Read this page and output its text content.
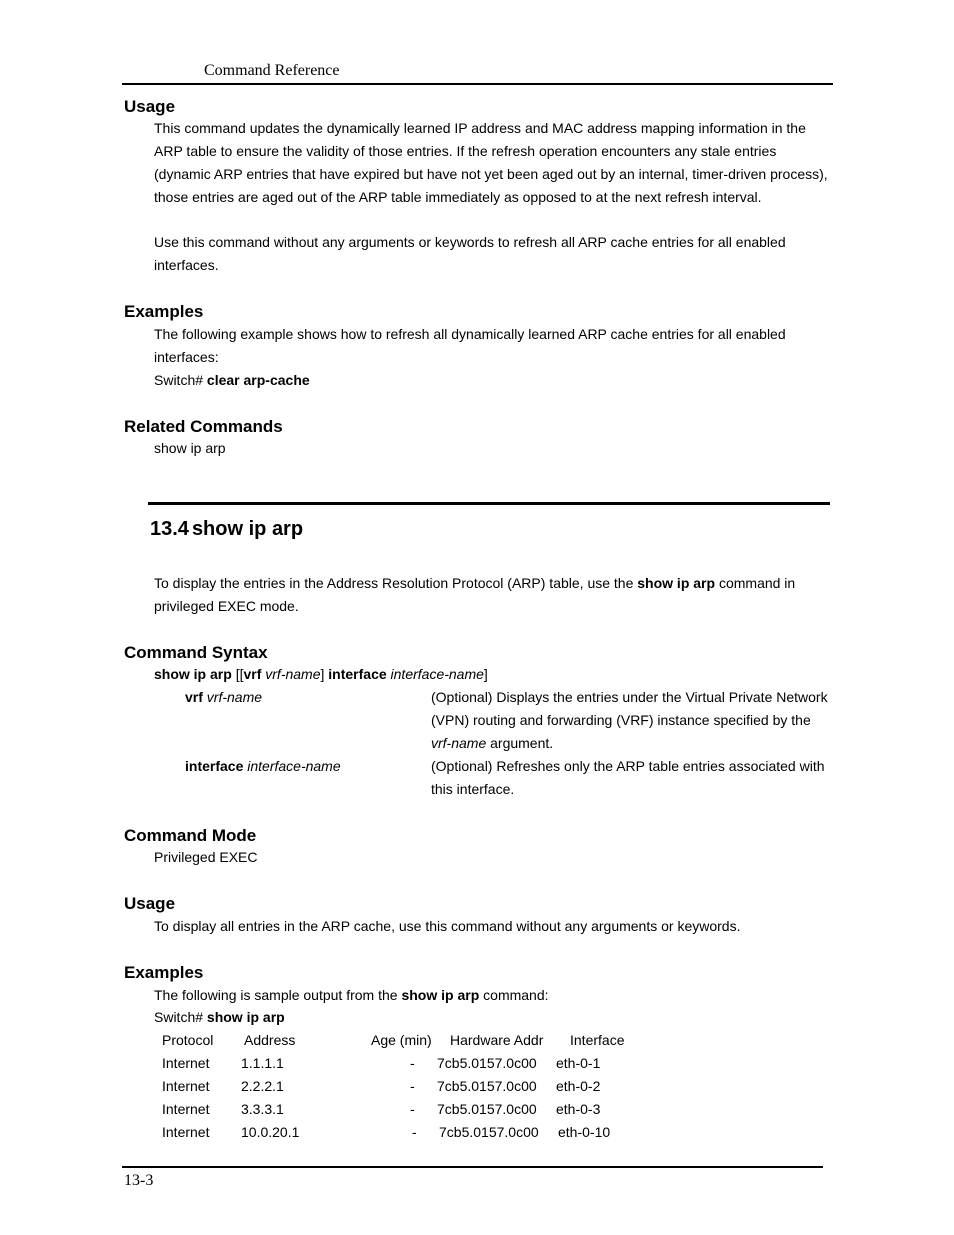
Command Reference
Usage
This command updates the dynamically learned IP address and MAC address mapping information in the ARP table to ensure the validity of those entries. If the refresh operation encounters any stale entries (dynamic ARP entries that have expired but have not yet been aged out by an internal, timer-driven process), those entries are aged out of the ARP table immediately as opposed to at the next refresh interval.
Use this command without any arguments or keywords to refresh all ARP cache entries for all enabled interfaces.
Examples
The following example shows how to refresh all dynamically learned ARP cache entries for all enabled interfaces:
Switch# clear arp-cache
Related Commands
show ip arp
13.4 show ip arp
To display the entries in the Address Resolution Protocol (ARP) table, use the show ip arp command in privileged EXEC mode.
Command Syntax
show ip arp [[vrf vrf-name] interface interface-name]
vrf vrf-name	(Optional) Displays the entries under the Virtual Private Network (VPN) routing and forwarding (VRF) instance specified by the vrf-name argument.
interface interface-name	(Optional) Refreshes only the ARP table entries associated with this interface.
Command Mode
Privileged EXEC
Usage
To display all entries in the ARP cache, use this command without any arguments or keywords.
Examples
The following is sample output from the show ip arp command:
Switch# show ip arp
Protocol Address	Age (min) Hardware Addr Interface
Internet 1.1.1.1	- 7cb5.0157.0c00 eth-0-1
Internet 2.2.2.1	- 7cb5.0157.0c00 eth-0-2
Internet 3.3.3.1	- 7cb5.0157.0c00 eth-0-3
Internet 10.0.20.1	- 7cb5.0157.0c00 eth-0-10
13-3
